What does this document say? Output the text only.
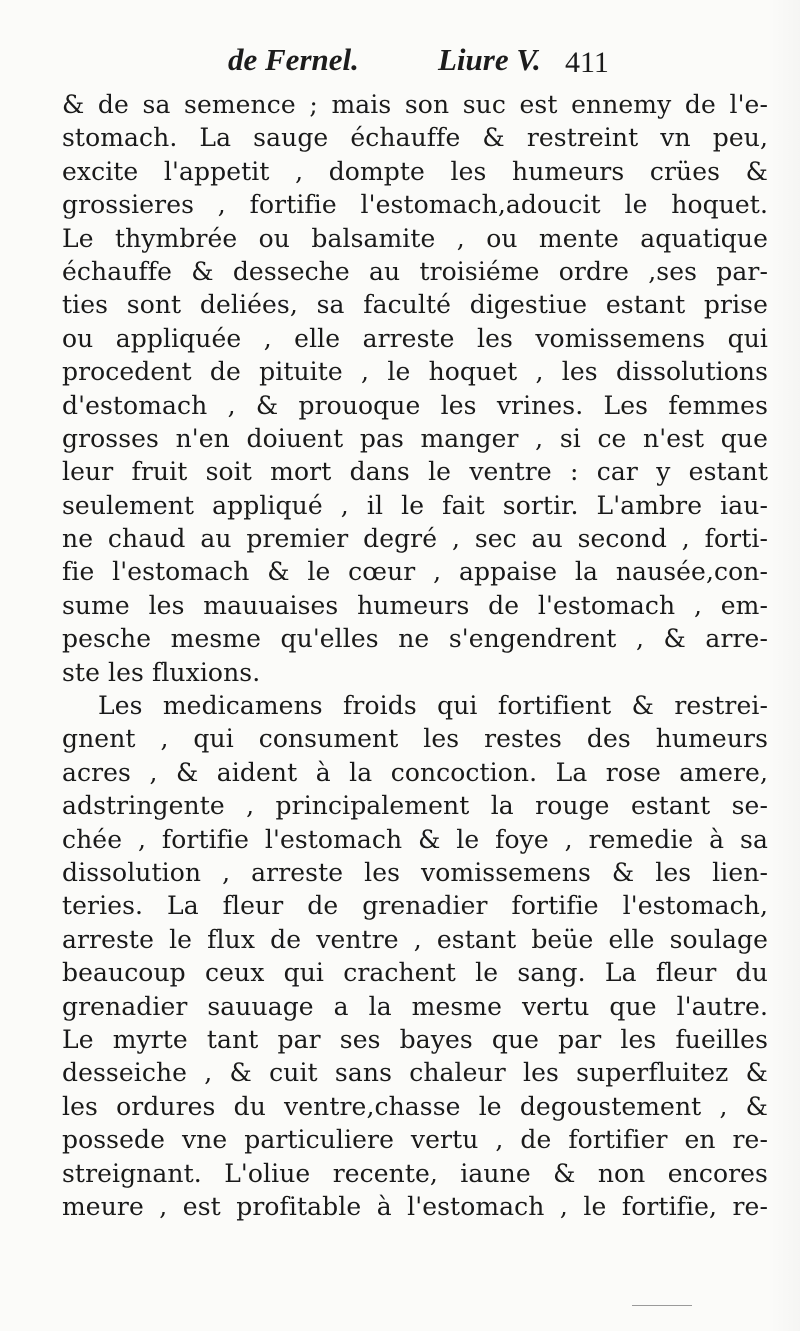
de Fernel.	Liure V. 411
& de sa semence ; mais son suc est ennemy de l'e-
stomach. La sauge échauffe & restreint vn peu,
excite l'appetit , dompte les humeurs crües &
grossieres , fortifie l'estomach,adoucit le hoquet.
Le thymbrée ou balsamite , ou mente aquatique
échauffe & desseche au troisiéme ordre ,ses par-
ties sont deliées, sa faculté digestiue estant prise
ou appliquée , elle arreste les vomissemens qui
procedent de pituite , le hoquet , les dissolutions
d'estomach , & prouoque les vrines. Les femmes
grosses n'en doiuent pas manger , si ce n'est que
leur fruit soit mort dans le ventre : car y estant
seulement appliqué , il le fait sortir. L'ambre iau-
ne chaud au premier degré , sec au second , forti-
fie l'estomach & le cœur , appaise la nausée,con-
sume les mauuaises humeurs de l'estomach , em-
pesche mesme qu'elles ne s'engendrent , & arre-
ste les fluxions.
Les medicamens froids qui fortifient & restrei-
gnent , qui consument les restes des humeurs
acres , & aident à la concoction. La rose amere,
adstringente , principalement la rouge estant se-
chée , fortifie l'estomach & le foye , remedie à sa
dissolution , arreste les vomissemens & les lien-
teries. La fleur de grenadier fortifie l'estomach,
arreste le flux de ventre , estant beüe elle soulage
beaucoup ceux qui crachent le sang. La fleur du
grenadier sauuage a la mesme vertu que l'autre.
Le myrte tant par ses bayes que par les fueilles
desseiche , & cuit sans chaleur les superfluitez &
les ordures du ventre,chasse le degoustement , &
possede vne particuliere vertu , de fortifier en re-
streignant. L'oliue recente, iaune & non encores
meure , est profitable à l'estomach , le fortifie, re-
